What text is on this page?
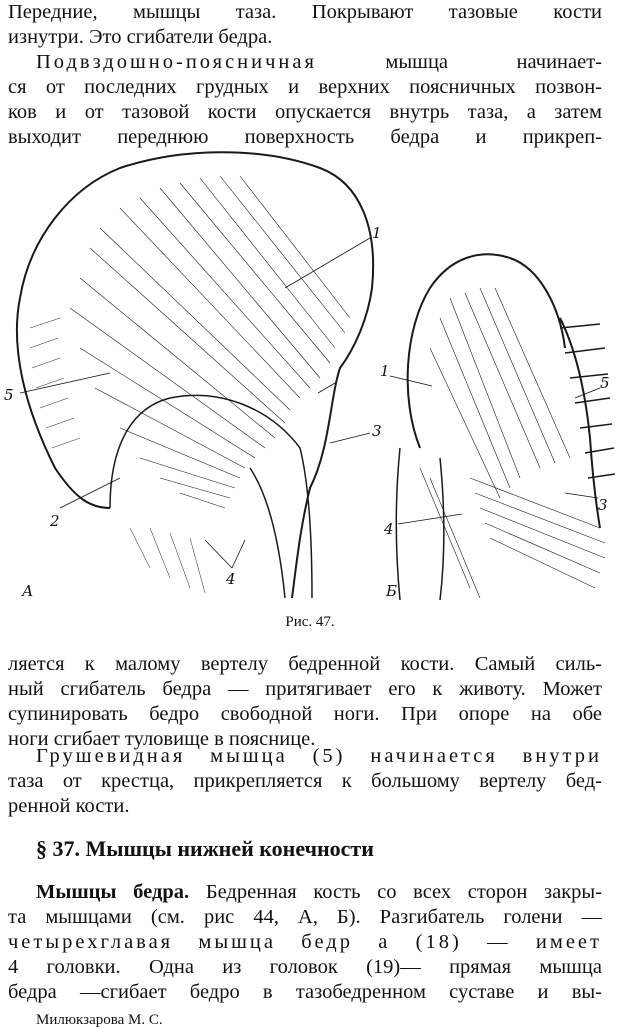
Передние, мышцы таза. Покрывают тазовые кости
изнутри. Это сгибатели бедра.
Подвздошно-поясничная	мышца начинает-
ся от последних грудных и верхних поясничных позвон-
ков и от тазовой кости опускается внутрь таза, а затем
выходит переднюю поверхность бедра и прикреп-
1
2
3
4
5
А
1
3
4
5
Б
Рис. 47.
ляется к малому вертелу бедренной кости. Самый силь-
ный сгибатель бедра — притягивает его к животу. Может
супинировать бедро свободной ноги. При опоре на обе
ноги сгибает туловище в пояснице.
Грушевидная мышца (5) начинается внутри
таза от крестца, прикрепляется к большому вертелу бед-
ренной кости.
§ 37. Мышцы нижней конечности
Мышцы бедра. Бедренная кость со всех сторон закры-
та мышцами (см. рис 44, А, Б). Разгибатель голени —
четырехглавая мышца бедр а (18) — имеет
4 головки. Одна из головок (19)— прямая мышца
бедра —сгибает бедро в тазобедренном суставе и вы-
Милюкзарова М. С.
